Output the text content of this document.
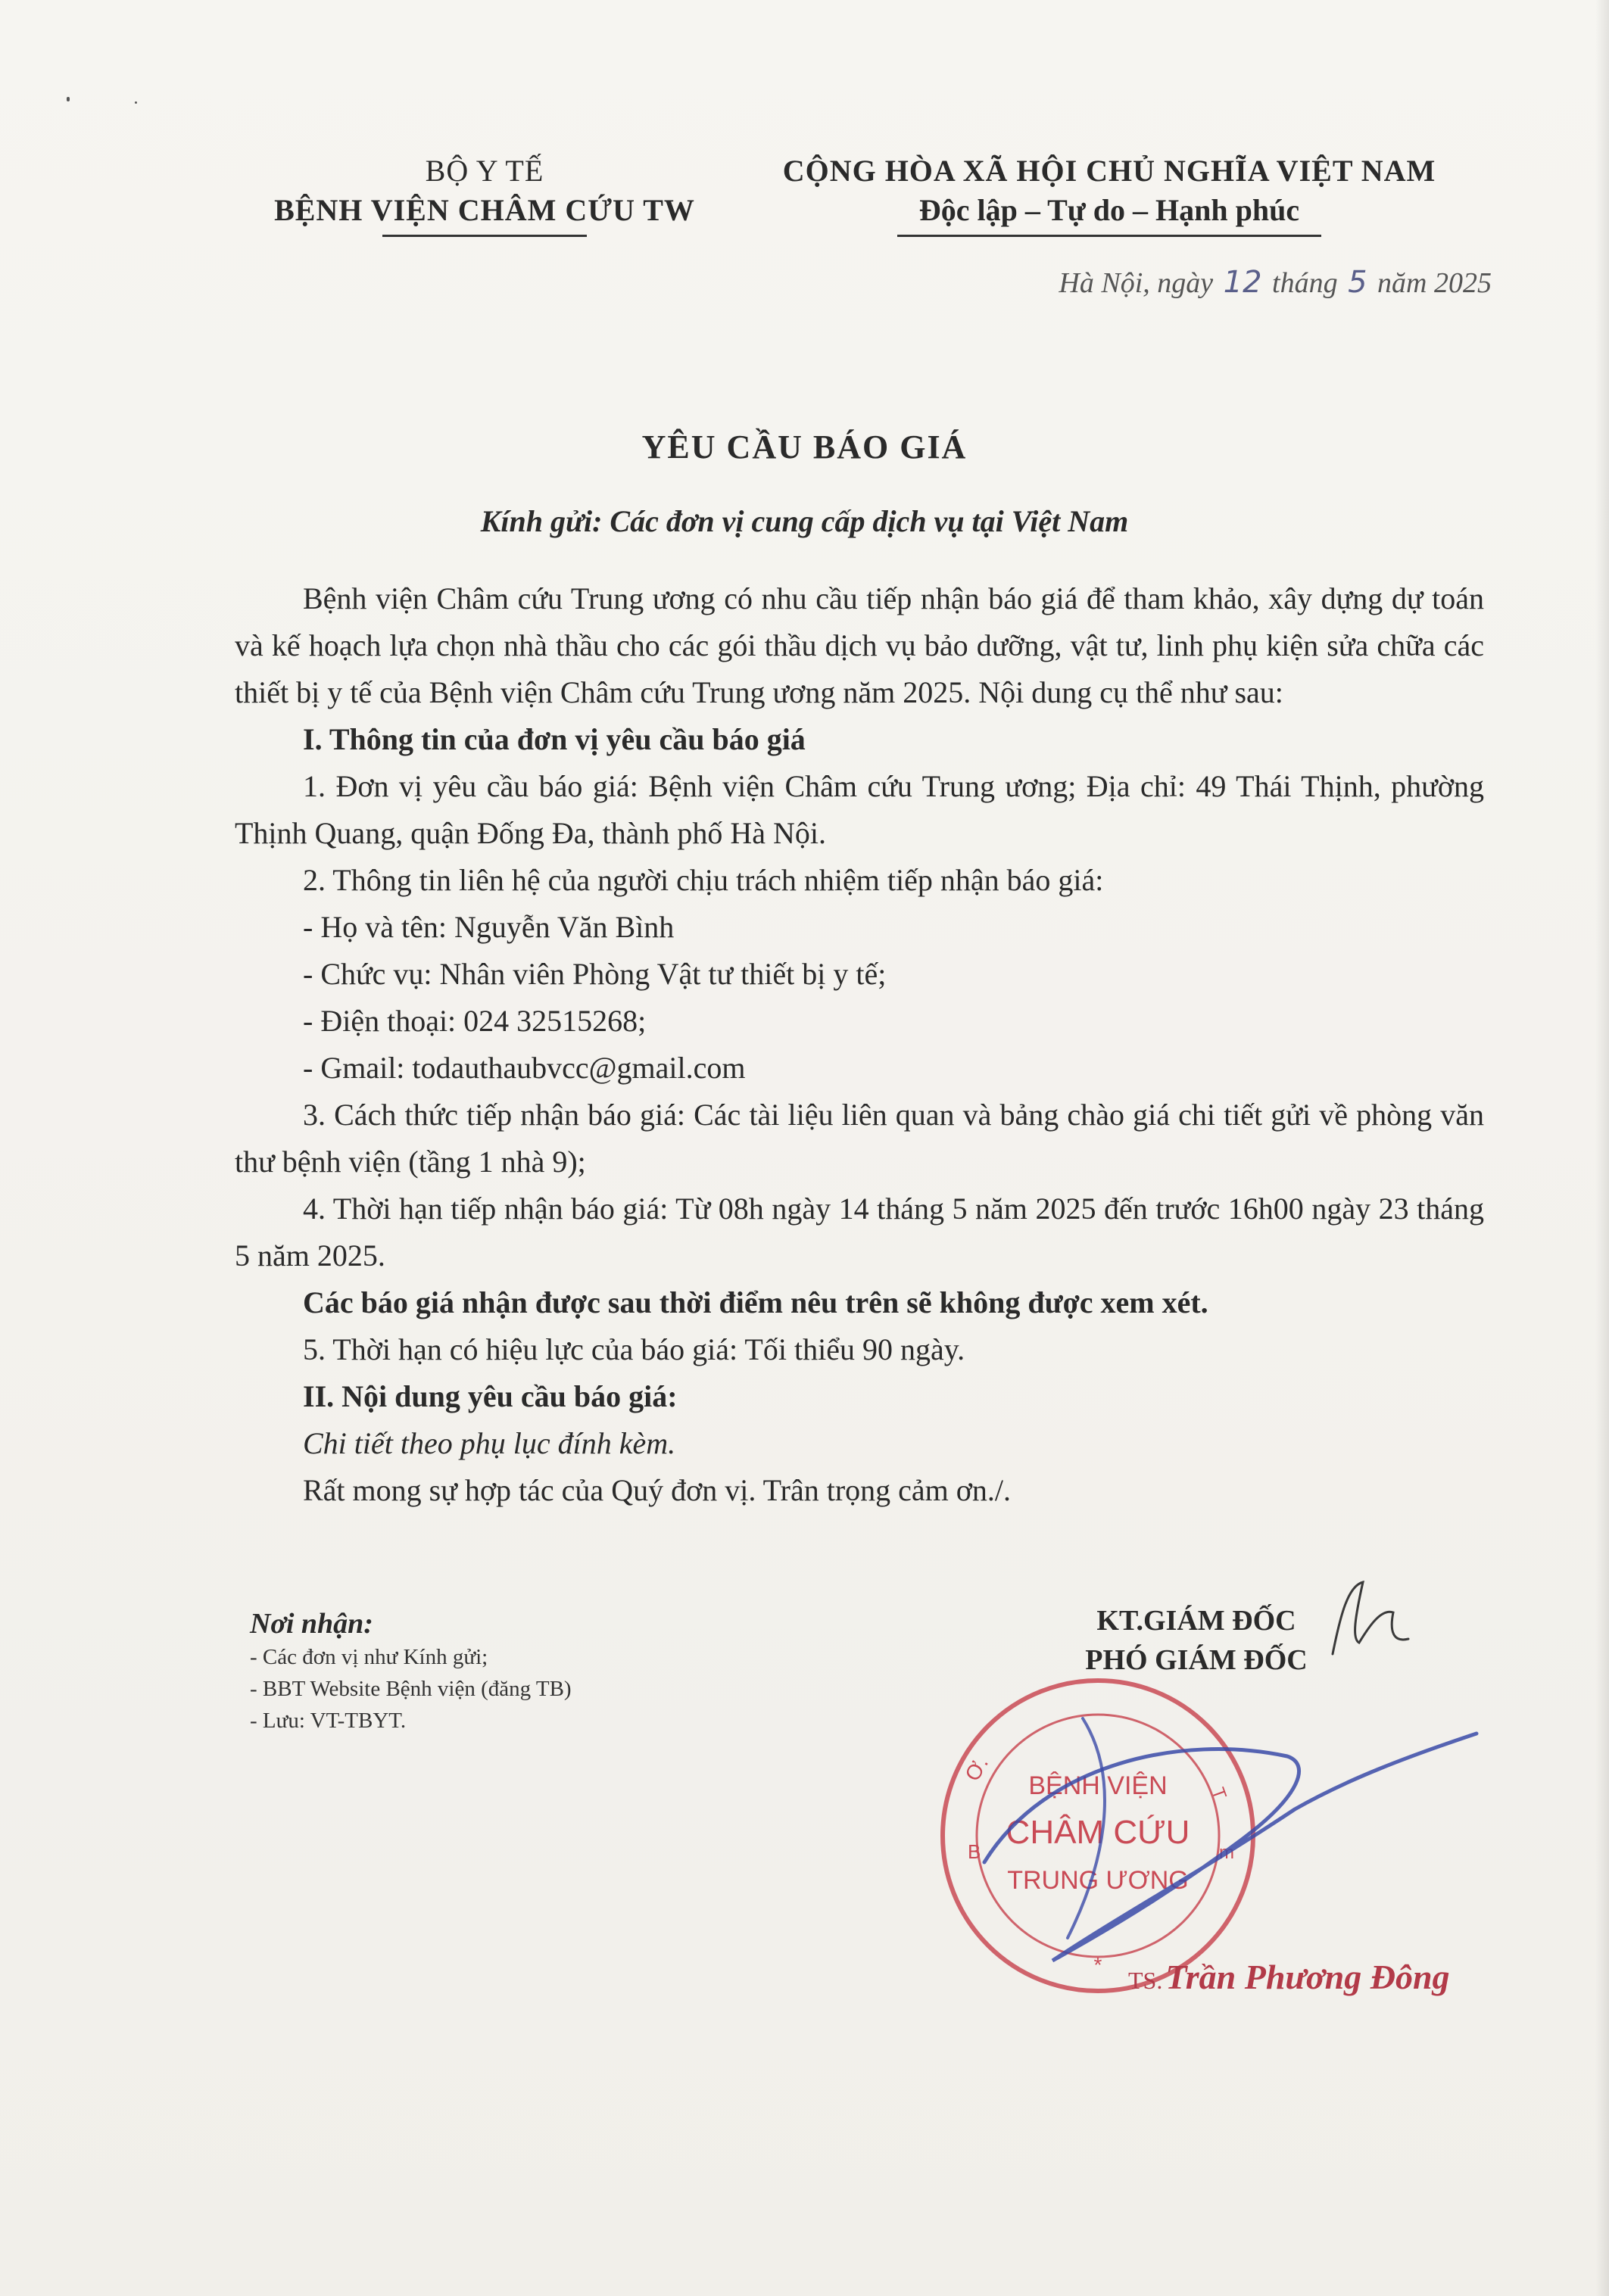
BỘ Y TẾ
BỆNH VIỆN CHÂM CỨU TW
CỘNG HÒA XÃ HỘI CHỦ NGHĨA VIỆT NAM
Độc lập – Tự do – Hạnh phúc
Hà Nội, ngày 12 tháng 5 năm 2025
YÊU CẦU BÁO GIÁ
Kính gửi: Các đơn vị cung cấp dịch vụ tại Việt Nam

Bệnh viện Châm cứu Trung ương có nhu cầu tiếp nhận báo giá để tham khảo, xây dựng dự toán và kế hoạch lựa chọn nhà thầu cho các gói thầu dịch vụ bảo dưỡng, vật tư, linh phụ kiện sửa chữa các thiết bị y tế của Bệnh viện Châm cứu Trung ương năm 2025. Nội dung cụ thể như sau:

I. Thông tin của đơn vị yêu cầu báo giá

1. Đơn vị yêu cầu báo giá: Bệnh viện Châm cứu Trung ương; Địa chỉ: 49 Thái Thịnh, phường Thịnh Quang, quận Đống Đa, thành phố Hà Nội.

2. Thông tin liên hệ của người chịu trách nhiệm tiếp nhận báo giá:

- Họ và tên: Nguyễn Văn Bình

- Chức vụ: Nhân viên Phòng Vật tư thiết bị y tế;

- Điện thoại: 024 32515268;

- Gmail: todauthaubvcc@gmail.com

3. Cách thức tiếp nhận báo giá: Các tài liệu liên quan và bảng chào giá chi tiết gửi về phòng văn thư bệnh viện (tầng 1 nhà 9);

4. Thời hạn tiếp nhận báo giá: Từ 08h ngày 14 tháng 5 năm 2025 đến trước 16h00 ngày 23 tháng 5 năm 2025.

Các báo giá nhận được sau thời điểm nêu trên sẽ không được xem xét.

5. Thời hạn có hiệu lực của báo giá: Tối thiểu 90 ngày.

II. Nội dung yêu cầu báo giá:

Chi tiết theo phụ lục đính kèm.

Rất mong sự hợp tác của Quý đơn vị. Trân trọng cảm ơn./.

Nơi nhận:
- Các đơn vị như Kính gửi;
- BBT Website Bệnh viện (đăng TB)
- Lưu: VT-TBYT.
KT.GIÁM ĐỐC
PHÓ GIÁM ĐỐC
Ơ.
B
T
m
BỆNH VIỆN
CHÂM CỨU
TRUNG ƯƠNG
*
TS. Trần Phương Đông
